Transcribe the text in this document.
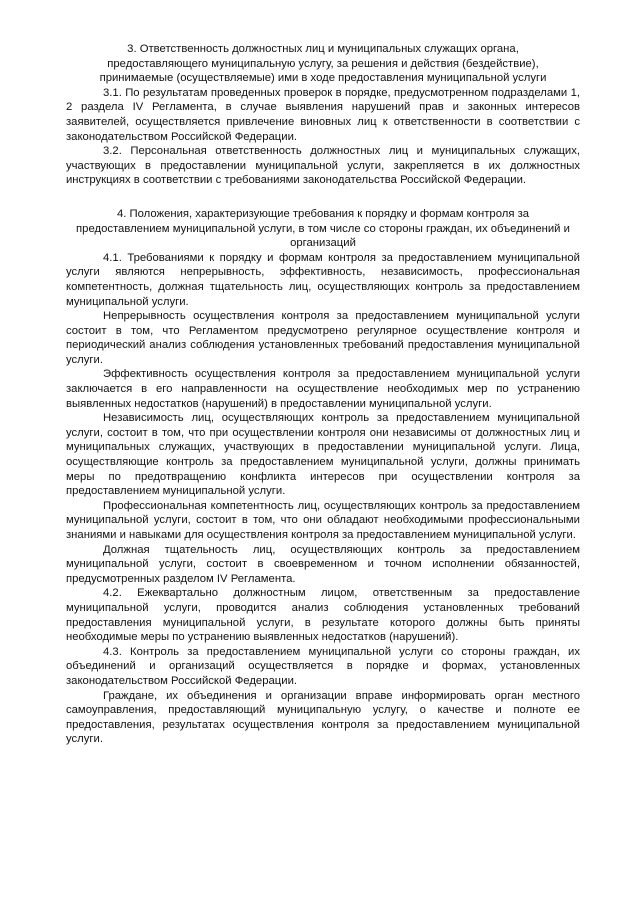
3. Ответственность должностных лиц и муниципальных служащих органа, предоставляющего муниципальную услугу, за решения и действия (бездействие), принимаемые (осуществляемые) ими в ходе предоставления муниципальной услуги

3.1. По результатам проведенных проверок в порядке, предусмотренном подразделами 1, 2 раздела IV Регламента, в случае выявления нарушений прав и законных интересов заявителей, осуществляется привлечение виновных лиц к ответственности в соответствии с законодательством Российской Федерации.

3.2. Персональная ответственность должностных лиц и муниципальных служащих, участвующих в предоставлении муниципальной услуги, закрепляется в их должностных инструкциях в соответствии с требованиями законодательства Российской Федерации.

4. Положения, характеризующие требования к порядку и формам контроля за предоставлением муниципальной услуги, в том числе со стороны граждан, их объединений и организаций

4.1. Требованиями к порядку и формам контроля за предоставлением муниципальной услуги являются непрерывность, эффективность, независимость, профессиональная компетентность, должная тщательность лиц, осуществляющих контроль за предоставлением муниципальной услуги.

Непрерывность осуществления контроля за предоставлением муниципальной услуги состоит в том, что Регламентом предусмотрено регулярное осуществление контроля и периодический анализ соблюдения установленных требований предоставления муниципальной услуги.

Эффективность осуществления контроля за предоставлением муниципальной услуги заключается в его направленности на осуществление необходимых мер по устранению выявленных недостатков (нарушений) в предоставлении муниципальной услуги.

Независимость лиц, осуществляющих контроль за предоставлением муниципальной услуги, состоит в том, что при осуществлении контроля они независимы от должностных лиц и муниципальных служащих, участвующих в предоставлении муниципальной услуги. Лица, осуществляющие контроль за предоставлением муниципальной услуги, должны принимать меры по предотвращению конфликта интересов при осуществлении контроля за предоставлением муниципальной услуги.

Профессиональная компетентность лиц, осуществляющих контроль за предоставлением муниципальной услуги, состоит в том, что они обладают необходимыми профессиональными знаниями и навыками для осуществления контроля за предоставлением муниципальной услуги.

Должная тщательность лиц, осуществляющих контроль за предоставлением муниципальной услуги, состоит в своевременном и точном исполнении обязанностей, предусмотренных разделом IV Регламента.

4.2. Ежеквартально должностным лицом, ответственным за предоставление муниципальной услуги, проводится анализ соблюдения установленных требований предоставления муниципальной услуги, в результате которого должны быть приняты необходимые меры по устранению выявленных недостатков (нарушений).

4.3. Контроль за предоставлением муниципальной услуги со стороны граждан, их объединений и организаций осуществляется в порядке и формах, установленных законодательством Российской Федерации.

Граждане, их объединения и организации вправе информировать орган местного самоуправления, предоставляющий муниципальную услугу, о качестве и полноте ее предоставления, результатах осуществления контроля за предоставлением муниципальной услуги.
